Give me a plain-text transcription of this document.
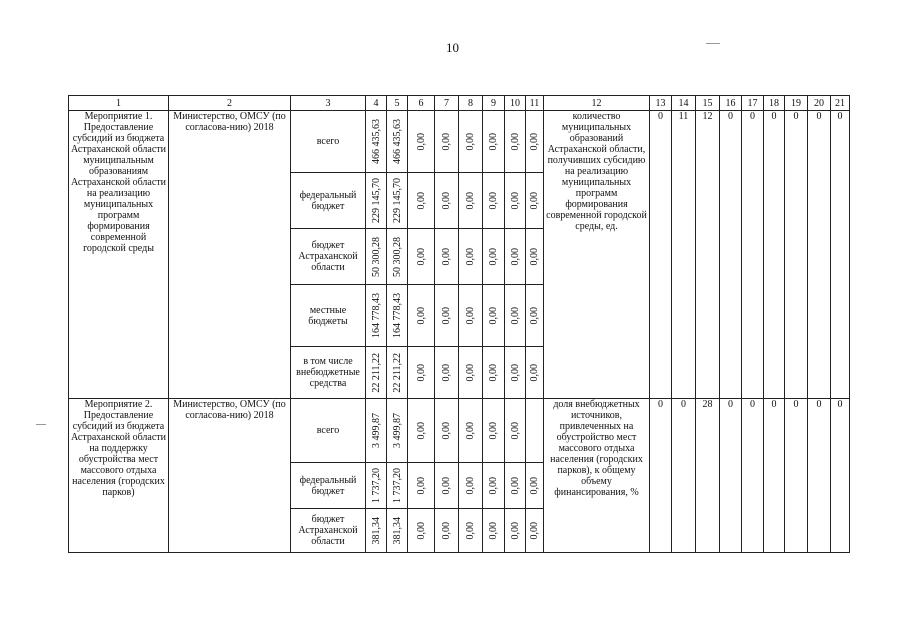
10
1	2	3	4	5	6	7	8	9	10	11	12	13	14	15	16	17	18	19	20	21
Мероприятие 1. Предоставление субсидий из бюджета Астраханской области муниципальным образованиям Астраханской области на реализацию муниципальных программ формирования современной городской среды	Министерство, ОМСУ (по согласова-нию) 2018	всего	466 435,63	466 435,63	0,00	0,00	0,00	0,00	0,00	0,00	количество муниципальных образований Астраханской области, получивших субсидию на реализацию муниципальных программ формирования современной городской среды, ед.	0	11	12	0	0	0	0	0	0
		федеральный бюджет	229 145,70	229 145,70	0,00	0,00	0,00	0,00	0,00	0,00										

		бюджет Астраханской области	50 300,28	50 300,28	0,00	0,00	0,00	0,00	0,00	0,00										

		местные бюджеты	164 778,43	164 778,43	0,00	0,00	0,00	0,00	0,00	0,00										

		в том числе внебюджетные средства	22 211,22	22 211,22	0,00	0,00	0,00	0,00	0,00	0,00										

Мероприятие 2. Предоставление субсидий из бюджета Астраханской области на поддержку обустройства мест массового отдыха населения (городских парков)	Министерство, ОМСУ (по согласова-нию) 2018	всего	3 499,87	3 499,87	0,00	0,00	0,00	0,00	0,00		доля внебюджетных источников, привлеченных на обустройство мест массового отдыха населения (городских парков), к общему объему финансирования, %	0	0	28	0	0	0	0	0	0
		федеральный бюджет	1 737,20	1 737,20	0,00	0,00	0,00	0,00	0,00	0,00										

		бюджет Астраханской области	381,34	381,34	0,00	0,00	0,00	0,00	0,00	0,00										
